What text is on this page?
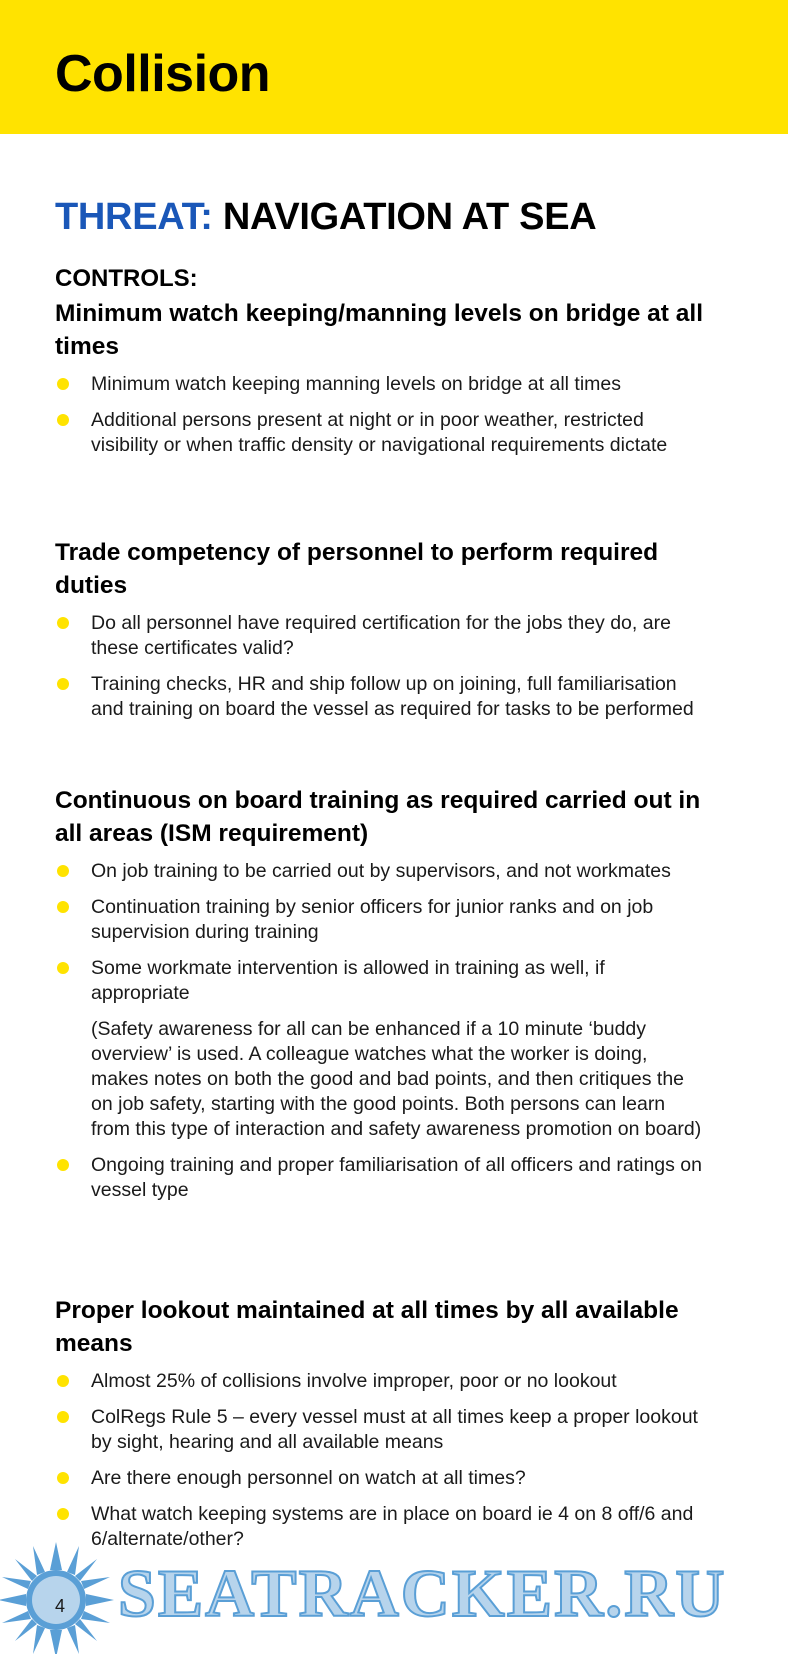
Collision
THREAT: NAVIGATION AT SEA
CONTROLS:
Minimum watch keeping/manning levels on bridge at all times
Minimum watch keeping manning levels on bridge at all times
Additional persons present at night or in poor weather, restricted visibility or when traffic density or navigational requirements dictate
Trade competency of personnel to perform required duties
Do all personnel have required certification for the jobs they do, are these certificates valid?
Training checks, HR and ship follow up on joining, full familiarisation and training on board the vessel as required for tasks to be performed
Continuous on board training as required carried out in all areas (ISM requirement)
On job training to be carried out by supervisors, and not workmates
Continuation training by senior officers for junior ranks and on job supervision during training
Some workmate intervention is allowed in training as well, if appropriate

(Safety awareness for all can be enhanced if a 10 minute ‘buddy overview’ is used. A colleague watches what the worker is doing, makes notes on both the good and bad points, and then critiques the on job safety, starting with the good points. Both persons can learn from this type of interaction and safety awareness promotion on board)

Ongoing training and proper familiarisation of all officers and ratings on vessel type
Proper lookout maintained at all times by all available means
Almost 25% of collisions involve improper, poor or no lookout
ColRegs Rule 5 – every vessel must at all times keep a proper lookout by sight, hearing and all available means
Are there enough personnel on watch at all times?
What watch keeping systems are in place on board ie 4 on 8 off/6 and 6/alternate/other?
4 SEATRACKER.RU
